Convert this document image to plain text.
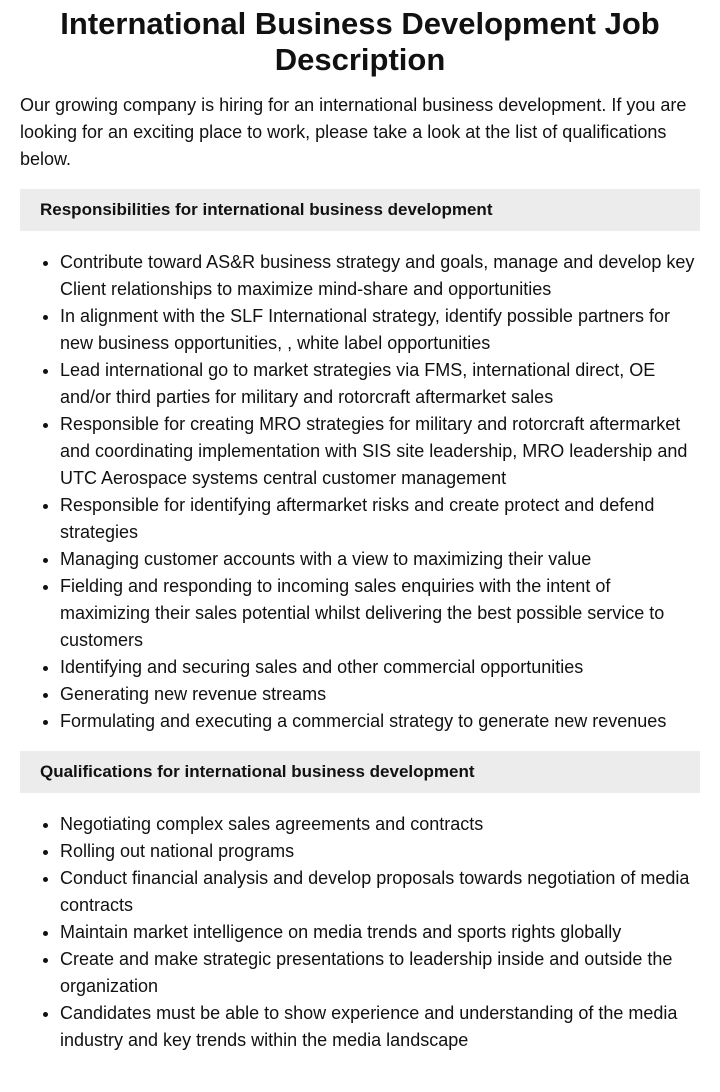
International Business Development Job Description

Our growing company is hiring for an international business development. If you are looking for an exciting place to work, please take a look at the list of qualifications below.

Responsibilities for international business development
• Contribute toward AS&R business strategy and goals, manage and develop key Client relationships to maximize mind-share and opportunities
• In alignment with the SLF International strategy, identify possible partners for new business opportunities, , white label opportunities
• Lead international go to market strategies via FMS, international direct, OE and/or third parties for military and rotorcraft aftermarket sales
• Responsible for creating MRO strategies for military and rotorcraft aftermarket and coordinating implementation with SIS site leadership, MRO leadership and UTC Aerospace systems central customer management
• Responsible for identifying aftermarket risks and create protect and defend strategies
• Managing customer accounts with a view to maximizing their value
• Fielding and responding to incoming sales enquiries with the intent of maximizing their sales potential whilst delivering the best possible service to customers
• Identifying and securing sales and other commercial opportunities
• Generating new revenue streams
• Formulating and executing a commercial strategy to generate new revenues
Qualifications for international business development
• Negotiating complex sales agreements and contracts
• Rolling out national programs
• Conduct financial analysis and develop proposals towards negotiation of media contracts
• Maintain market intelligence on media trends and sports rights globally
• Create and make strategic presentations to leadership inside and outside the organization
• Candidates must be able to show experience and understanding of the media industry and key trends within the media landscape
